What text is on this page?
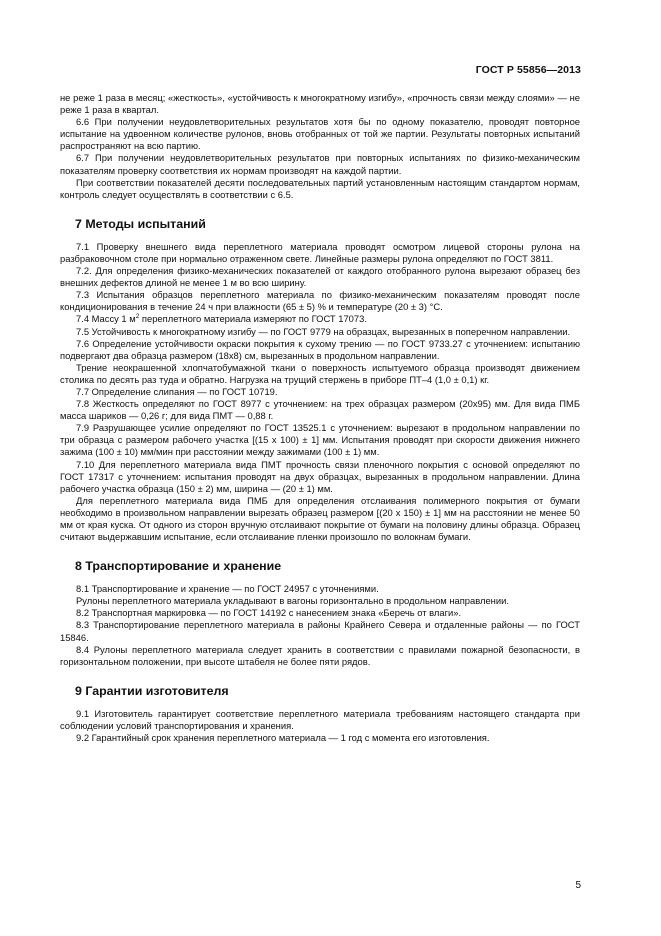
ГОСТ Р 55856—2013

не реже 1 раза в месяц; «жесткость», «устойчивость к многократному изгибу», «прочность связи между слоями» — не реже 1 раза в квартал.

6.6 При получении неудовлетворительных результатов хотя бы по одному показателю, проводят повторное испытание на удвоенном количестве рулонов, вновь отобранных от той же партии. Результаты повторных испытаний распространяют на всю партию.

6.7 При получении неудовлетворительных результатов при повторных испытаниях по физико-механическим показателям проверку соответствия их нормам производят на каждой партии.

При соответствии показателей десяти последовательных партий установленным настоящим стандартом нормам, контроль следует осуществлять в соответствии с 6.5.

7 Методы испытаний

7.1 Проверку внешнего вида переплетного материала проводят осмотром лицевой стороны рулона на разбраковочном столе при нормально отраженном свете. Линейные размеры рулона определяют по ГОСТ 3811.

7.2. Для определения физико-механических показателей от каждого отобранного рулона вырезают образец без внешних дефектов длиной не менее 1 м во всю ширину.

7.3 Испытания образцов переплетного материала по физико-механическим показателям проводят после кондиционирования в течение 24 ч при влажности (65 ± 5) % и температуре (20 ± 3) °С.

7.4 Массу 1 $м^2$ переплетного материала измеряют по ГОСТ 17073.

7.5 Устойчивость к многократному изгибу — по ГОСТ 9779 на образцах, вырезанных в поперечном направлении.

7.6 Определение устойчивости окраски покрытия к сухому трению — по ГОСТ 9733.27 с уточнением: испытанию подвергают два образца размером (18х8) см, вырезанных в продольном направлении.

Трение неокрашенной хлопчатобумажной ткани о поверхность испытуемого образца производят движением столика по десять раз туда и обратно. Нагрузка на трущий стержень в приборе ПТ–4 (1,0 ± 0,1) кг.

7.7 Определение слипания — по ГОСТ 10719.

7.8 Жесткость определяют по ГОСТ 8977 с уточнением: на трех образцах размером (20х95) мм. Для вида ПМБ масса шариков — 0,26 г; для вида ПМТ — 0,88 г.

7.9 Разрушающее усилие определяют по ГОСТ 13525.1 с уточнением: вырезают в продольном направлении по три образца с размером рабочего участка [(15 х 100) ± 1] мм. Испытания проводят при скорости движения нижнего зажима (100 ± 10) мм/мин при расстоянии между зажимами (100 ± 1) мм.

7.10 Для переплетного материала вида ПМТ прочность связи пленочного покрытия с основой определяют по ГОСТ 17317 с уточнением: испытания проводят на двух образцах, вырезанных в продольном направлении. Длина рабочего участка образца (150 ± 2) мм, ширина — (20 ± 1) мм.

Для переплетного материала вида ПМБ для определения отслаивания полимерного покрытия от бумаги необходимо в произвольном направлении вырезать образец размером [(20 х 150) ± 1] мм на расстоянии не менее 50 мм от края куска. От одного из сторон вручную отслаивают покрытие от бумаги на половину длины образца. Образец считают выдержавшим испытание, если отслаивание пленки произошло по волокнам бумаги.

8 Транспортирование и хранение

8.1 Транспортирование и хранение — по ГОСТ 24957 с уточнениями.

Рулоны переплетного материала укладывают в вагоны горизонтально в продольном направлении.

8.2 Транспортная маркировка — по ГОСТ 14192 с нанесением знака «Беречь от влаги».

8.3 Транспортирование переплетного материала в районы Крайнего Севера и отдаленные районы — по ГОСТ 15846.

8.4 Рулоны переплетного материала следует хранить в соответствии с правилами пожарной безопасности, в горизонтальном положении, при высоте штабеля не более пяти рядов.

9 Гарантии изготовителя

9.1 Изготовитель гарантирует соответствие переплетного материала требованиям настоящего стандарта при соблюдении условий транспортирования и хранения.

9.2 Гарантийный срок хранения переплетного материала — 1 год с момента его изготовления.

5
